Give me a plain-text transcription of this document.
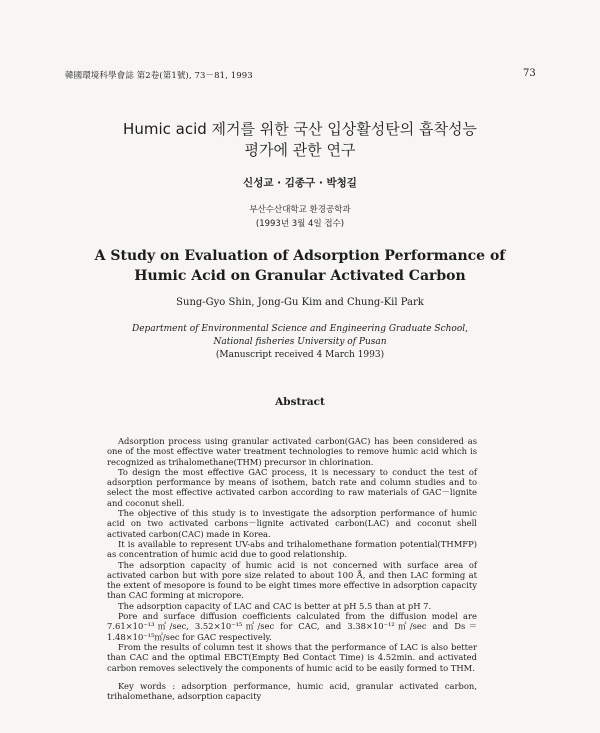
韓國環境科學會誌 第2卷(第1號), 73－81, 1993	73
Humic acid 제거를 위한 국산 입상활성탄의 흡착성능
평가에 관한 연구
신성교 · 김종구 · 박청길
부산수산대학교 환경공학과
(1993년 3월 4일 접수)
A Study on Evaluation of Adsorption Performance of
Humic Acid on Granular Activated Carbon
Sung-Gyo Shin, Jong-Gu Kim and Chung-Kil Park
Department of Environmental Science and Engineering Graduate School,
National fisheries University of Pusan
(Manuscript received 4 March 1993)
Abstract

Adsorption process using granular activated carbon(GAC) has been considered as one of the most effective water treatment technologies to remove humic acid which is recognized as trihalomethane(THM) precursor in chlorination.

To design the most effective GAC process, it is necessary to conduct the test of adsorption performance by means of isothem, batch rate and column studies and to select the most effective activated carbon according to raw materials of GAC－lignite and coconut shell.

The objective of this study is to investigate the adsorption performance of humic acid on two activated carbons－lignite activated carbon(LAC) and coconut shell activated carbon(CAC) made in Korea.

It is available to represent UV-abs and trihalomethane formation potential(THMFP) as concentration of humic acid due to good relationship.

The adsorption capacity of humic acid is not concerned with surface area of activated carbon but with pore size related to about 100 Å, and then LAC forming at the extent of mesopore is found to be eight times more effective in adsorption capacity than CAC forming at micropore.

The adsorption capacity of LAC and CAC is better at pH 5.5 than at pH 7.

Pore and surface diffusion coefficients calculated from the diffusion model are 7.61×10⁻¹³㎡/sec, 3.52×10⁻¹⁵㎡/sec for CAC, and 3.38×10⁻¹²㎡/sec and Ds＝1.48×10⁻¹⁵㎡/sec for GAC respectively.

From the results of column test it shows that the performance of LAC is also better than CAC and the optimal EBCT(Empty Bed Contact Time) is 4.52min. and activated carbon removes selectively the components of humic acid to be easily formed to THM.

Key words : adsorption performance, humic acid, granular activated carbon, trihalomethane, adsorption capacity
